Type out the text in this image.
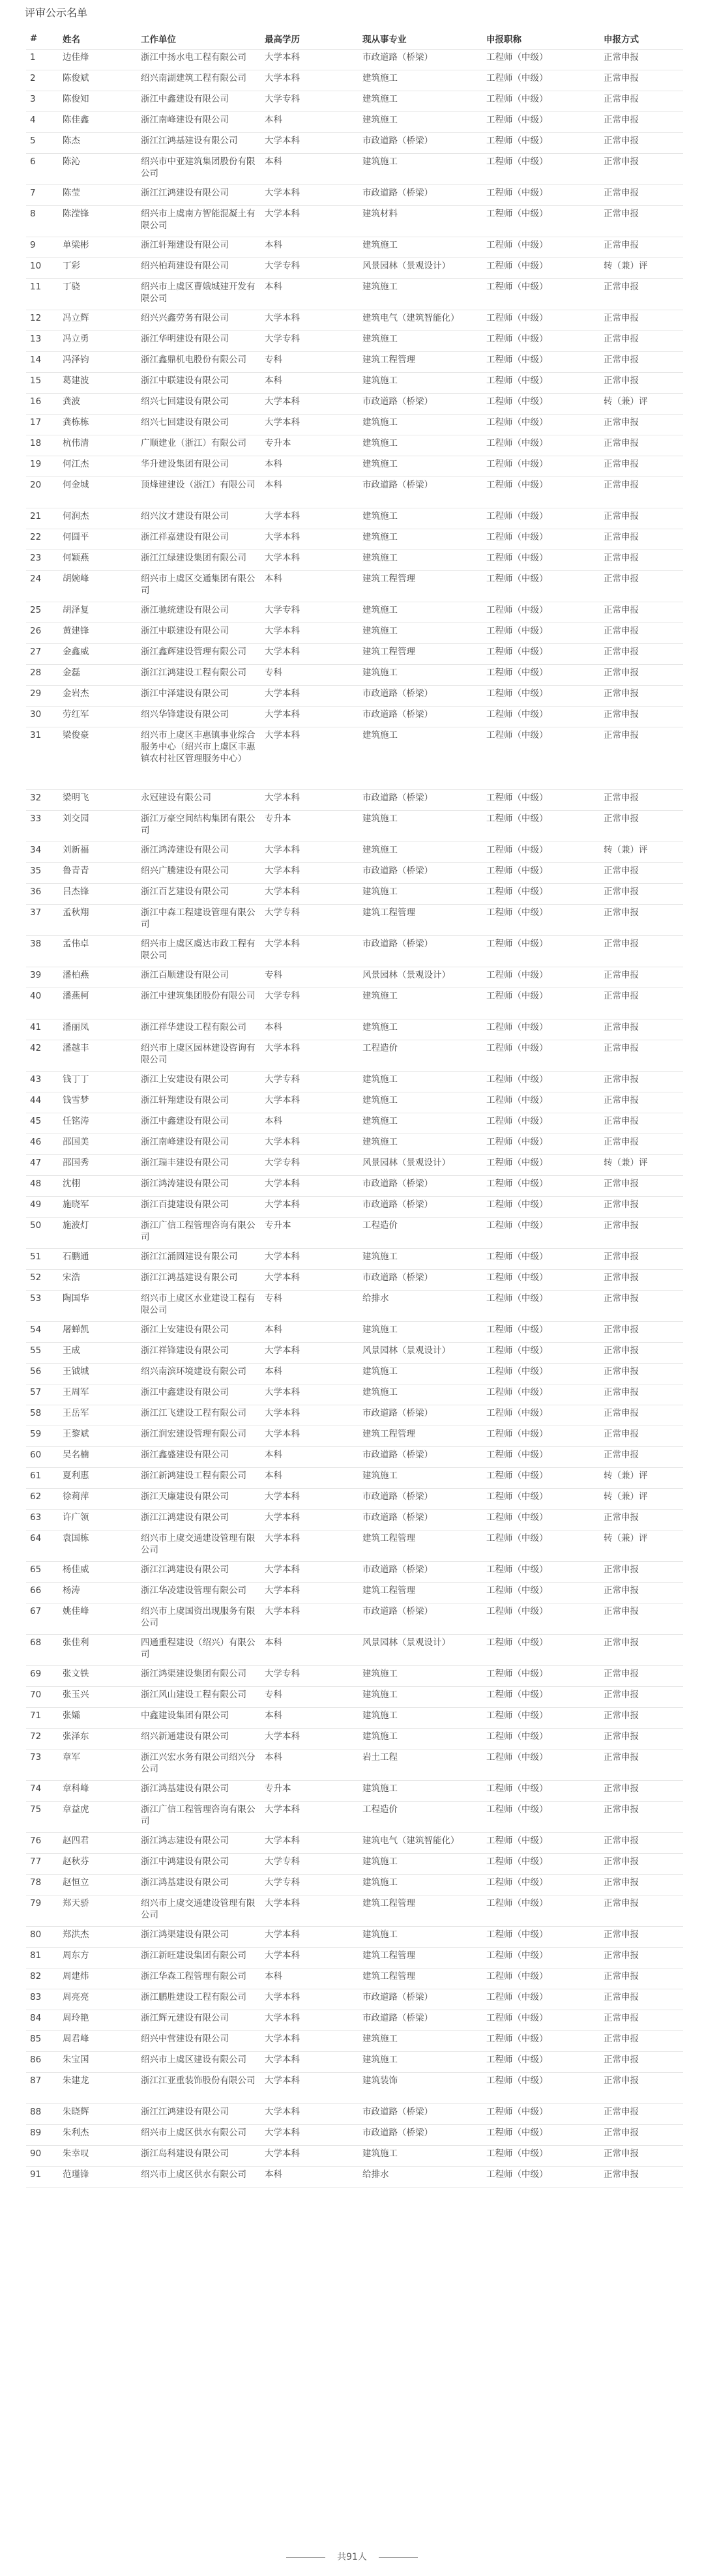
评审公示名单
#	姓名	工作单位	最高学历	现从事专业	申报职称	申报方式
1	边佳烽	浙江中扬水电工程有限公司	大学本科	市政道路（桥梁）	工程师（中级）	正常申报
2	陈俊斌	绍兴南湖建筑工程有限公司	大学本科	建筑施工	工程师（中级）	正常申报
3	陈俊知	浙江中鑫建设有限公司	大学专科	建筑施工	工程师（中级）	正常申报
4	陈佳鑫	浙江南峰建设有限公司	本科	建筑施工	工程师（中级）	正常申报
5	陈杰	浙江江鸿基建设有限公司	大学本科	市政道路（桥梁）	工程师（中级）	正常申报
6	陈沁	绍兴市中亚建筑集团股份有限公司	本科	建筑施工	工程师（中级）	正常申报
7	陈莹	浙江江鸿建设有限公司	大学本科	市政道路（桥梁）	工程师（中级）	正常申报
8	陈滢锋	绍兴市上虞南方智能混凝土有限公司	大学本科	建筑材料	工程师（中级）	正常申报
9	单梁彬	浙江轩翔建设有限公司	本科	建筑施工	工程师（中级）	正常申报
10	丁彩	绍兴柏莉建设有限公司	大学专科	风景园林（景观设计）	工程师（中级）	转（兼）评
11	丁骁	绍兴市上虞区曹娥城建开发有限公司	本科	建筑施工	工程师（中级）	正常申报
12	冯立辉	绍兴兴鑫劳务有限公司	大学本科	建筑电气（建筑智能化）	工程师（中级）	正常申报
13	冯立勇	浙江华明建设有限公司	大学专科	建筑施工	工程师（中级）	正常申报
14	冯泽钧	浙江鑫鼎机电股份有限公司	专科	建筑工程管理	工程师（中级）	正常申报
15	葛建波	浙江中联建设有限公司	本科	建筑施工	工程师（中级）	正常申报
16	龚波	绍兴七回建设有限公司	大学本科	市政道路（桥梁）	工程师（中级）	转（兼）评
17	龚栋栋	绍兴七回建设有限公司	大学本科	建筑施工	工程师（中级）	正常申报
18	杭伟清	广顺建业（浙江）有限公司	专升本	建筑施工	工程师（中级）	正常申报
19	何江杰	华升建设集团有限公司	本科	建筑施工	工程师（中级）	正常申报
20	何金城	顶烽建建设（浙江）有限公司	本科	市政道路（桥梁）	工程师（中级）	正常申报
21	何润杰	绍兴汶才建设有限公司	大学本科	建筑施工	工程师（中级）	正常申报
22	何圆平	浙江祥嘉建设有限公司	大学本科	建筑施工	工程师（中级）	正常申报
23	何颖燕	浙江江绿建设集团有限公司	大学本科	建筑施工	工程师（中级）	正常申报
24	胡婉峰	绍兴市上虞区交通集团有限公司	本科	建筑工程管理	工程师（中级）	正常申报
25	胡泽复	浙江驰统建设有限公司	大学专科	建筑施工	工程师（中级）	正常申报
26	黄建锋	浙江中联建设有限公司	大学本科	建筑施工	工程师（中级）	正常申报
27	金鑫威	浙江鑫辉建设管理有限公司	大学本科	建筑工程管理	工程师（中级）	正常申报
28	金磊	浙江江鸿建设工程有限公司	专科	建筑施工	工程师（中级）	正常申报
29	金岩杰	浙江中泽建设有限公司	大学本科	市政道路（桥梁）	工程师（中级）	正常申报
30	劳红军	绍兴华锋建设有限公司	大学本科	市政道路（桥梁）	工程师（中级）	正常申报
31	梁俊豪	绍兴市上虞区丰惠镇事业综合服务中心（绍兴市上虞区丰惠镇农村社区管理服务中心）	大学本科	建筑施工	工程师（中级）	正常申报
32	梁明飞	永冠建设有限公司	大学本科	市政道路（桥梁）	工程师（中级）	正常申报
33	刘交园	浙江万豪空间结构集团有限公司	专升本	建筑施工	工程师（中级）	正常申报
34	刘新福	浙江鸿涛建设有限公司	大学本科	建筑施工	工程师（中级）	转（兼）评
35	鲁青青	绍兴广騰建设有限公司	大学本科	市政道路（桥梁）	工程师（中级）	正常申报
36	吕杰锋	浙江百艺建设有限公司	大学本科	建筑施工	工程师（中级）	正常申报
37	孟秋翔	浙江中森工程建设管理有限公司	大学专科	建筑工程管理	工程师（中级）	正常申报
38	孟伟卓	绍兴市上虞区虞达市政工程有限公司	大学本科	市政道路（桥梁）	工程师（中级）	正常申报
39	潘柏燕	浙江百顺建设有限公司	专科	风景园林（景观设计）	工程师（中级）	正常申报
40	潘燕柯	浙江中建筑集团股份有限公司	大学专科	建筑施工	工程师（中级）	正常申报
41	潘丽凤	浙江祥华建设工程有限公司	本科	建筑施工	工程师（中级）	正常申报
42	潘越丰	绍兴市上虞区园林建设咨询有限公司	大学本科	工程造价	工程师（中级）	正常申报
43	钱丁丁	浙江上安建设有限公司	大学专科	建筑施工	工程师（中级）	正常申报
44	钱雪梦	浙江轩翔建设有限公司	大学本科	建筑施工	工程师（中级）	正常申报
45	任铭涛	浙江中鑫建设有限公司	本科	建筑施工	工程师（中级）	正常申报
46	邵国美	浙江南峰建设有限公司	大学本科	建筑施工	工程师（中级）	正常申报
47	邵国秀	浙江瑞丰建设有限公司	大学专科	风景园林（景观设计）	工程师（中级）	转（兼）评
48	沈栩	浙江鸿涛建设有限公司	大学本科	市政道路（桥梁）	工程师（中级）	正常申报
49	施晓军	浙江百捷建设有限公司	大学本科	市政道路（桥梁）	工程师（中级）	正常申报
50	施波灯	浙江广信工程管理咨询有限公司	专升本	工程造价	工程师（中级）	正常申报
51	石鹏通	浙江江涌圆建设有限公司	大学本科	建筑施工	工程师（中级）	正常申报
52	宋浩	浙江江鸿基建设有限公司	大学本科	市政道路（桥梁）	工程师（中级）	正常申报
53	陶国华	绍兴市上虞区水业建设工程有限公司	专科	给排水	工程师（中级）	正常申报
54	屠蝉凯	浙江上安建设有限公司	本科	建筑施工	工程师（中级）	正常申报
55	王成	浙江祥锋建设有限公司	大学本科	风景园林（景观设计）	工程师（中级）	正常申报
56	王钺城	绍兴南滨环境建设有限公司	本科	建筑施工	工程师（中级）	正常申报
57	王周军	浙江中鑫建设有限公司	大学本科	建筑施工	工程师（中级）	正常申报
58	王岳军	浙江江飞建设工程有限公司	大学本科	市政道路（桥梁）	工程师（中级）	正常申报
59	王黎斌	浙江润宏建设管理有限公司	大学本科	建筑工程管理	工程师（中级）	正常申报
60	吴名楠	浙江鑫盛建设有限公司	本科	市政道路（桥梁）	工程师（中级）	正常申报
61	夏利惠	浙江新鸿建设工程有限公司	本科	建筑施工	工程师（中级）	转（兼）评
62	徐莉萍	浙江天廉建设有限公司	大学本科	市政道路（桥梁）	工程师（中级）	转（兼）评
63	许广领	浙江江鸿建设有限公司	大学本科	市政道路（桥梁）	工程师（中级）	正常申报
64	袁国栋	绍兴市上虞交通建设管理有限公司	大学本科	建筑工程管理	工程师（中级）	转（兼）评
65	杨佳威	浙江江鸿建设有限公司	大学本科	市政道路（桥梁）	工程师（中级）	正常申报
66	杨涛	浙江华凌建设管理有限公司	大学本科	建筑工程管理	工程师（中级）	正常申报
67	姚佳峰	绍兴市上虞国资出现服务有限公司	大学本科	市政道路（桥梁）	工程师（中级）	正常申报
68	张佳利	四通重程建设（绍兴）有限公司	本科	风景园林（景观设计）	工程师（中级）	正常申报
69	张文铁	浙江鸿渠建设集团有限公司	大学专科	建筑施工	工程师（中级）	正常申报
70	张玉兴	浙江风山建设工程有限公司	专科	建筑施工	工程师（中级）	正常申报
71	张孀	中鑫建设集团有限公司	本科	建筑施工	工程师（中级）	正常申报
72	张泽东	绍兴新通建设有限公司	大学本科	建筑施工	工程师（中级）	正常申报
73	章军	浙江兴宏水务有限公司绍兴分公司	本科	岩土工程	工程师（中级）	正常申报
74	章科峰	浙江鸿基建设有限公司	专升本	建筑施工	工程师（中级）	正常申报
75	章益虎	浙江广信工程管理咨询有限公司	大学本科	工程造价	工程师（中级）	正常申报
76	赵四君	浙江鸿志建设有限公司	大学本科	建筑电气（建筑智能化）	工程师（中级）	正常申报
77	赵秋芬	浙江中鸿建设有限公司	大学专科	建筑施工	工程师（中级）	正常申报
78	赵恒立	浙江鸿基建设有限公司	大学专科	建筑施工	工程师（中级）	正常申报
79	郑天骄	绍兴市上虞交通建设管理有限公司	大学本科	建筑工程管理	工程师（中级）	正常申报
80	郑洪杰	浙江鸿渠建设有限公司	大学本科	建筑施工	工程师（中级）	正常申报
81	周东方	浙江新旺建设集团有限公司	大学本科	建筑工程管理	工程师（中级）	正常申报
82	周建炜	浙江华森工程管理有限公司	本科	建筑工程管理	工程师（中级）	正常申报
83	周亮亮	浙江鹏胜建设工程有限公司	大学本科	市政道路（桥梁）	工程师（中级）	正常申报
84	周玲艳	浙江辉元建设有限公司	大学本科	市政道路（桥梁）	工程师（中级）	正常申报
85	周君峰	绍兴中营建设有限公司	大学本科	建筑施工	工程师（中级）	正常申报
86	朱宝国	绍兴市上虞区建设有限公司	大学本科	建筑施工	工程师（中级）	正常申报
87	朱建龙	浙江江亚重装饰股份有限公司	大学本科	建筑装饰	工程师（中级）	正常申报
88	朱晓辉	浙江江鸿建设有限公司	大学本科	市政道路（桥梁）	工程师（中级）	正常申报
89	朱利杰	绍兴市上虞区供水有限公司	大学本科	市政道路（桥梁）	工程师（中级）	正常申报
90	朱幸叹	浙江岛科建设有限公司	大学本科	建筑施工	工程师（中级）	正常申报
91	范瑾锋	绍兴市上虞区供水有限公司	本科	给排水	工程师（中级）	正常申报
共91人
